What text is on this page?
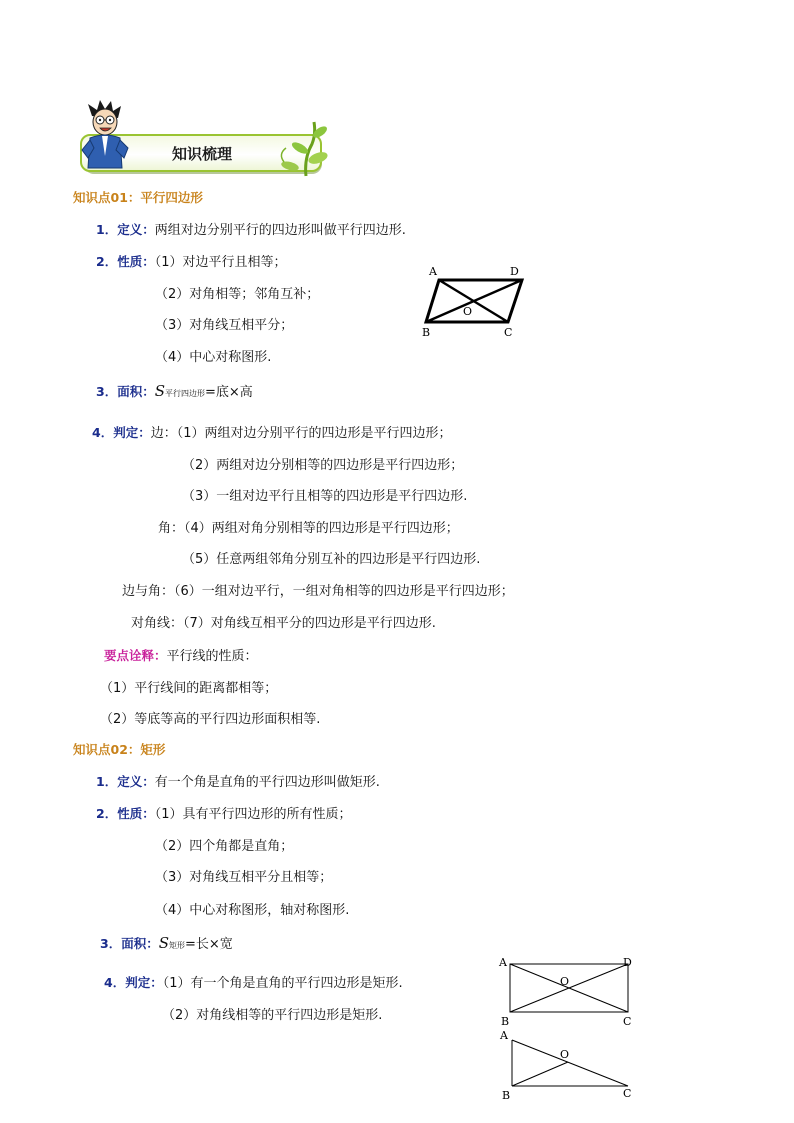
知识梳理
知识点01：平行四边形
1．定义：两组对边分别平行的四边形叫做平行四边形.
2．性质：（1）对边平行且相等；
（2）对角相等；邻角互补；
（3）对角线互相平分；
（4）中心对称图形.
A	D
B	C
O
3．面积：S平行四边形=底×高
4．判定：边：（1）两组对边分别平行的四边形是平行四边形；
（2）两组对边分别相等的四边形是平行四边形；
（3）一组对边平行且相等的四边形是平行四边形.
角：（4）两组对角分别相等的四边形是平行四边形；
（5）任意两组邻角分别互补的四边形是平行四边形.
边与角：（6）一组对边平行，一组对角相等的四边形是平行四边形；
对角线：（7）对角线互相平分的四边形是平行四边形.
要点诠释：平行线的性质：
（1）平行线间的距离都相等；
（2）等底等高的平行四边形面积相等.
知识点02：矩形
1．定义：有一个角是直角的平行四边形叫做矩形.
2．性质：（1）具有平行四边形的所有性质；
（2）四个角都是直角；
（3）对角线互相平分且相等；
（4）中心对称图形，轴对称图形.
3．面积：S矩形=长×宽
4．判定：（1）有一个角是直角的平行四边形是矩形.
（2）对角线相等的平行四边形是矩形.
A	D
B	C
O
A
O
B	C
